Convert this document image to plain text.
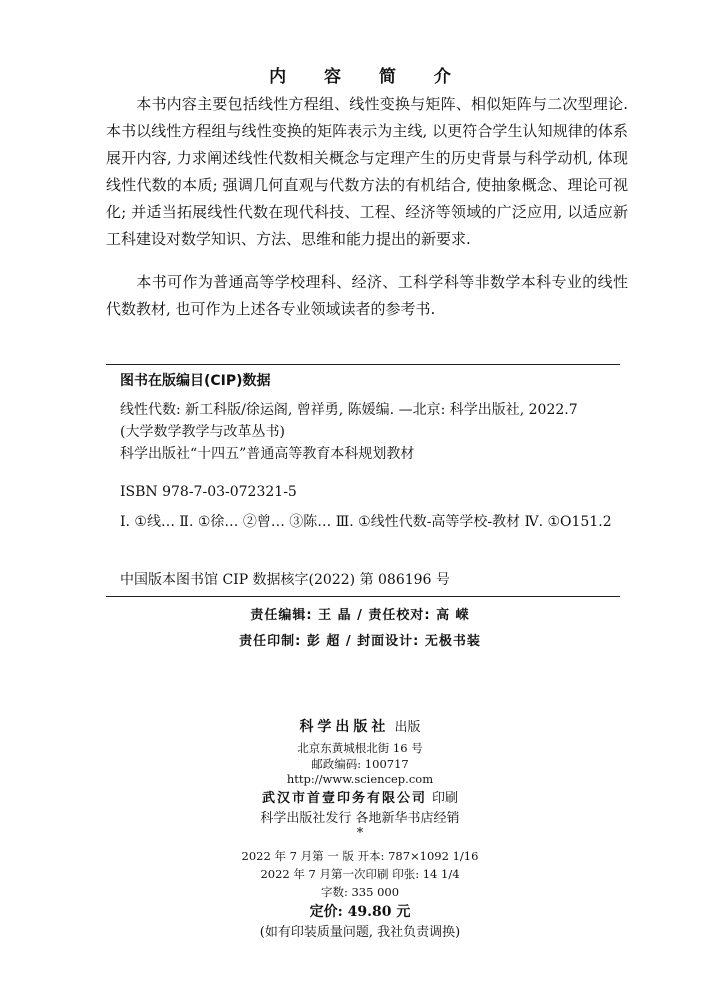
内 容 简 介

本书内容主要包括线性方程组、线性变换与矩阵、相似矩阵与二次型理论. 本书以线性方程组与线性变换的矩阵表示为主线, 以更符合学生认知规律的体系展开内容, 力求阐述线性代数相关概念与定理产生的历史背景与科学动机, 体现线性代数的本质; 强调几何直观与代数方法的有机结合, 使抽象概念、理论可视化; 并适当拓展线性代数在现代科技、工程、经济等领域的广泛应用, 以适应新工科建设对数学知识、方法、思维和能力提出的新要求.

本书可作为普通高等学校理科、经济、工科学科等非数学本科专业的线性代数教材, 也可作为上述各专业领域读者的参考书.

图书在版编目(CIP)数据
线性代数: 新工科版/徐运阁, 曾祥勇, 陈媛编. —北京: 科学出版社, 2022.7
(大学数学教学与改革丛书)
科学出版社“十四五”普通高等教育本科规划教材
ISBN 978-7-03-072321-5
Ⅰ. ①线… Ⅱ. ①徐… ②曾… ③陈… Ⅲ. ①线性代数-高等学校-教材 Ⅳ. ①O151.2
中国版本图书馆 CIP 数据核字(2022) 第 086196 号
责任编辑: 王 晶 / 责任校对: 高 嵘
责任印制: 彭 超 / 封面设计: 无极书装
科学出版社 出版
北京东黄城根北街 16 号
邮政编码: 100717
http://www.sciencep.com
武汉市首壹印务有限公司 印刷
科学出版社发行 各地新华书店经销
*
2022 年 7 月第 一 版 开本: 787×1092 1/16
2022 年 7 月第一次印刷 印张: 14 1/4
字数: 335 000
定价: 49.80 元
(如有印装质量问题, 我社负责调换)
